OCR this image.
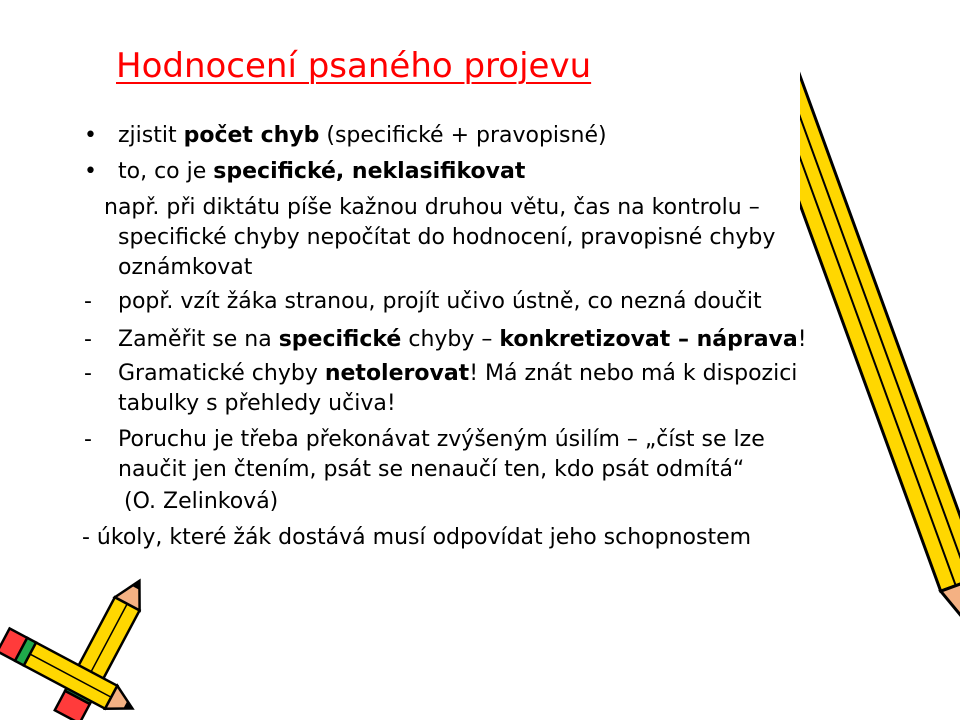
Hodnocení psaného projevu
• zjistit počet chyb (specifické + pravopisné)
• to, co je specifické, neklasifikovat
např. při diktátu píše kažnou druhou větu, čas na kontrolu –
specifické chyby nepočítat do hodnocení, pravopisné chyby
oznámkovat
-	popř. vzít žáka stranou, projít učivo ústně, co nezná doučit
-	Zaměřit se na specifické chyby – konkretizovat – náprava!
-	Gramatické chyby netolerovat! Má znát nebo má k dispozici
tabulky s přehledy učiva!
-	Poruchu je třeba překonávat zvýšeným úsilím – „číst se lze
naučit jen čtením, psát se nenaučí ten, kdo psát odmítá“
(O. Zelinková)
- úkoly, které žák dostává musí odpovídat jeho schopnostem
